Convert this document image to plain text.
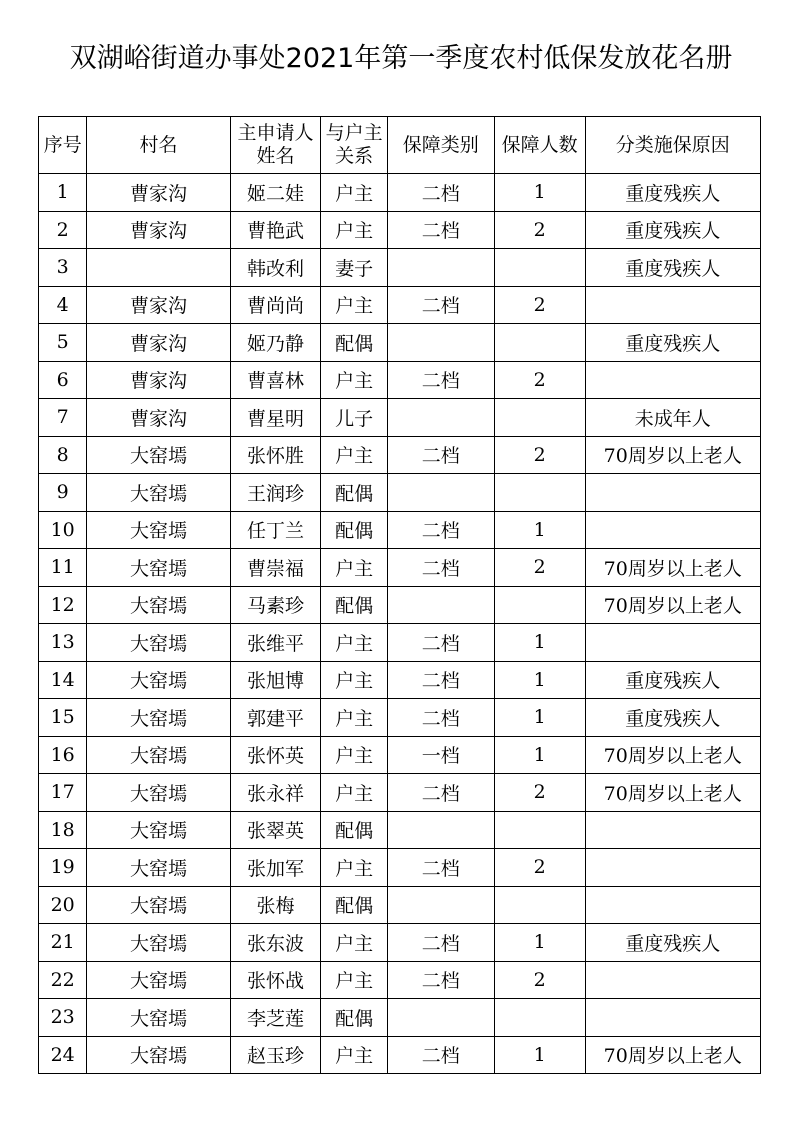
双湖峪街道办事处2021年第一季度农村低保发放花名册
序号	村名	主申请人姓名	与户主关系	保障类别	保障人数	分类施保原因
1	曹家沟	姬二娃	户主	二档	1	重度残疾人
2	曹家沟	曹艳武	户主	二档	2	重度残疾人
3		韩改利	妻子			重度残疾人
4	曹家沟	曹尚尚	户主	二档	2	
5	曹家沟	姬乃静	配偶			重度残疾人
6	曹家沟	曹喜林	户主	二档	2	
7	曹家沟	曹星明	儿子			未成年人
8	大窑墕	张怀胜	户主	二档	2	70周岁以上老人
9	大窑墕	王润珍	配偶			
10	大窑墕	任丁兰	配偶	二档	1	
11	大窑墕	曹崇福	户主	二档	2	70周岁以上老人
12	大窑墕	马素珍	配偶			70周岁以上老人
13	大窑墕	张维平	户主	二档	1	
14	大窑墕	张旭博	户主	二档	1	重度残疾人
15	大窑墕	郭建平	户主	二档	1	重度残疾人
16	大窑墕	张怀英	户主	一档	1	70周岁以上老人
17	大窑墕	张永祥	户主	二档	2	70周岁以上老人
18	大窑墕	张翠英	配偶			
19	大窑墕	张加军	户主	二档	2	
20	大窑墕	张梅	配偶			
21	大窑墕	张东波	户主	二档	1	重度残疾人
22	大窑墕	张怀战	户主	二档	2	
23	大窑墕	李芝莲	配偶			
24	大窑墕	赵玉珍	户主	二档	1	70周岁以上老人
